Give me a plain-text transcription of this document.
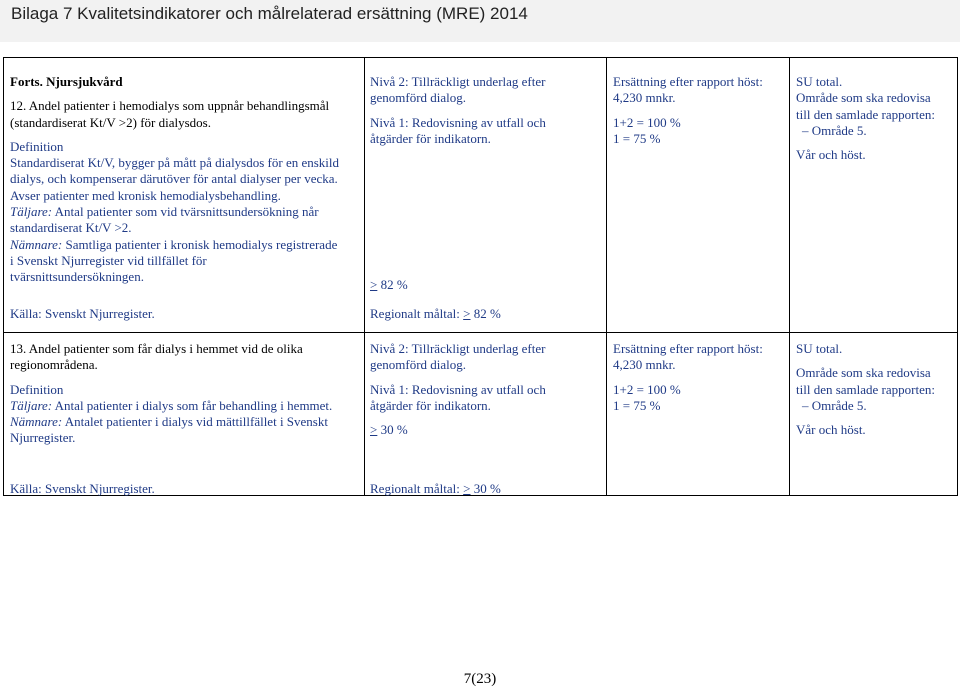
Bilaga 7 Kvalitetsindikatorer och målrelaterad ersättning (MRE) 2014

Forts. Njursjukvård

12. Andel patienter i hemodialys som uppnår behandlingsmål

(standardiserat Kt/V >2) för dialysdos.

Definition

Standardiserat Kt/V, bygger på mått på dialysdos för en enskild

dialys, och kompenserar därutöver för antal dialyser per vecka.

Avser patienter med kronisk hemodialysbehandling.

Täljare: Antal patienter som vid tvärsnittsundersökning når

standardiserat Kt/V >2.

Nämnare: Samtliga patienter i kronisk hemodialys registrerade

i Svenskt Njurregister vid tillfället för

tvärsnittsundersökningen.

Källa: Svenskt Njurregister.

Nivå 2: Tillräckligt underlag efter

genomförd dialog.

Nivå 1: Redovisning av utfall och

åtgärder för indikatorn.

≥ 82 %
Regionalt måltal: > 82 %

Ersättning efter rapport höst:

4,230 mnkr.

1+2 = 100 %

1 = 75 %

SU total.

Område som ska redovisa

till den samlade rapporten:

– Område 5.

Vår och höst.

13. Andel patienter som får dialys i hemmet vid de olika

regionområdena.

Definition

Täljare: Antal patienter i dialys som får behandling i hemmet.

Nämnare: Antalet patienter i dialys vid mättillfället i Svenskt

Njurregister.

Källa: Svenskt Njurregister.

Nivå 2: Tillräckligt underlag efter

genomförd dialog.

Nivå 1: Redovisning av utfall och

åtgärder för indikatorn.

≥ 30 %

Regionalt måltal: > 30 %

Ersättning efter rapport höst:

4,230 mnkr.

1+2 = 100 %

1 = 75 %

SU total.

Område som ska redovisa

till den samlade rapporten:

– Område 5.

Vår och höst.

7(23)
